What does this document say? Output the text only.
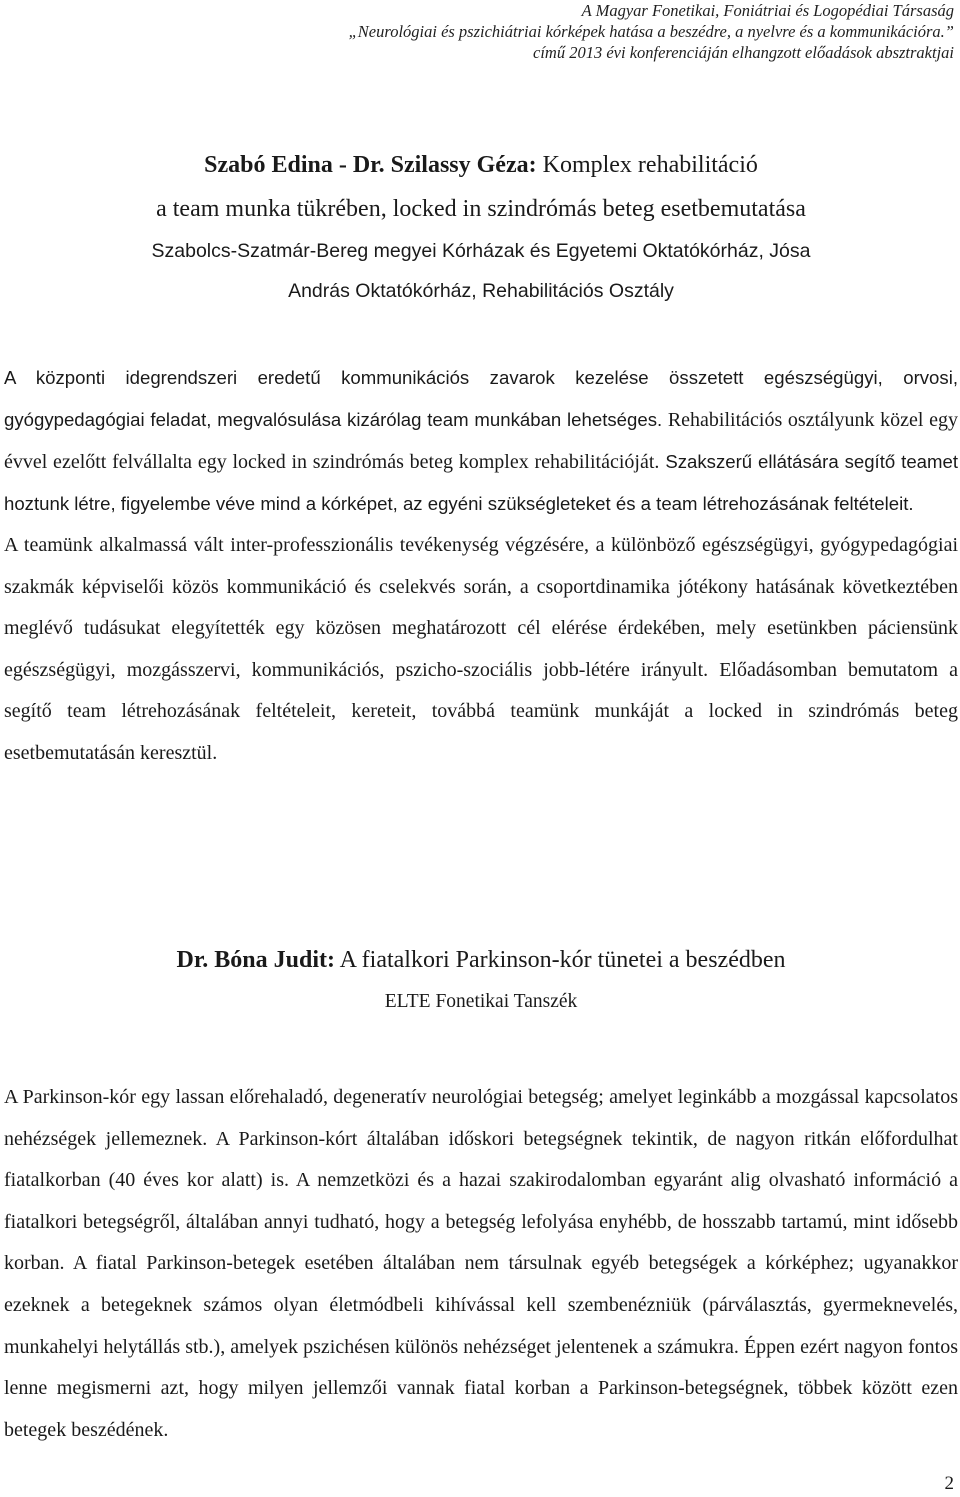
A Magyar Fonetikai, Foniátriai és Logopédiai Társaság
„Neurológiai és pszichiátriai kórképek hatása a beszédre, a nyelvre és a kommunikációra.”
című 2013 évi konferenciáján elhangzott előadások absztraktjai
Szabó Edina - Dr. Szilassy Géza: Komplex rehabilitáció
a team munka tükrében, locked in szindrómás beteg esetbemutatása
Szabolcs-Szatmár-Bereg megyei Kórházak és Egyetemi Oktatókórház, Jósa
András Oktatókórház, Rehabilitációs Osztály

A központi idegrendszeri eredetű kommunikációs zavarok kezelése összetett egészségügyi, orvosi, gyógypedagógiai feladat, megvalósulása kizárólag team munkában lehetséges. Rehabilitációs osztályunk közel egy évvel ezelőtt felvállalta egy locked in szindrómás beteg komplex rehabilitációját. Szakszerű ellátására segítő teamet hoztunk létre, figyelembe véve mind a kórképet, az egyéni szükségleteket és a team létrehozásának feltételeit.

A teamünk alkalmassá vált inter-professzionális tevékenység végzésére, a különböző egészségügyi, gyógypedagógiai szakmák képviselői közös kommunikáció és cselekvés során, a csoportdinamika jótékony hatásának következtében meglévő tudásukat elegyítették egy közösen meghatározott cél elérése érdekében, mely esetünkben páciensünk egészségügyi, mozgásszervi, kommunikációs, pszicho-szociális jobb-létére irányult. Előadásomban bemutatom a segítő team létrehozásának feltételeit, kereteit, továbbá teamünk munkáját a locked in szindrómás beteg esetbemutatásán keresztül.

Dr. Bóna Judit: A fiatalkori Parkinson-kór tünetei a beszédben
ELTE Fonetikai Tanszék

A Parkinson-kór egy lassan előrehaladó, degeneratív neurológiai betegség; amelyet leginkább a mozgással kapcsolatos nehézségek jellemeznek. A Parkinson-kórt általában időskori betegségnek tekintik, de nagyon ritkán előfordulhat fiatalkorban (40 éves kor alatt) is. A nemzetközi és a hazai szakirodalomban egyaránt alig olvasható információ a fiatalkori betegségről, általában annyi tudható, hogy a betegség lefolyása enyhébb, de hosszabb tartamú, mint idősebb korban. A fiatal Parkinson-betegek esetében általában nem társulnak egyéb betegségek a kórképhez; ugyanakkor ezeknek a betegeknek számos olyan életmódbeli kihívással kell szembenézniük (párválasztás, gyermeknevelés, munkahelyi helytállás stb.), amelyek pszichésen különös nehézséget jelentenek a számukra. Éppen ezért nagyon fontos lenne megismerni azt, hogy milyen jellemzői vannak fiatal korban a Parkinson-betegségnek, többek között ezen betegek beszédének.

2
